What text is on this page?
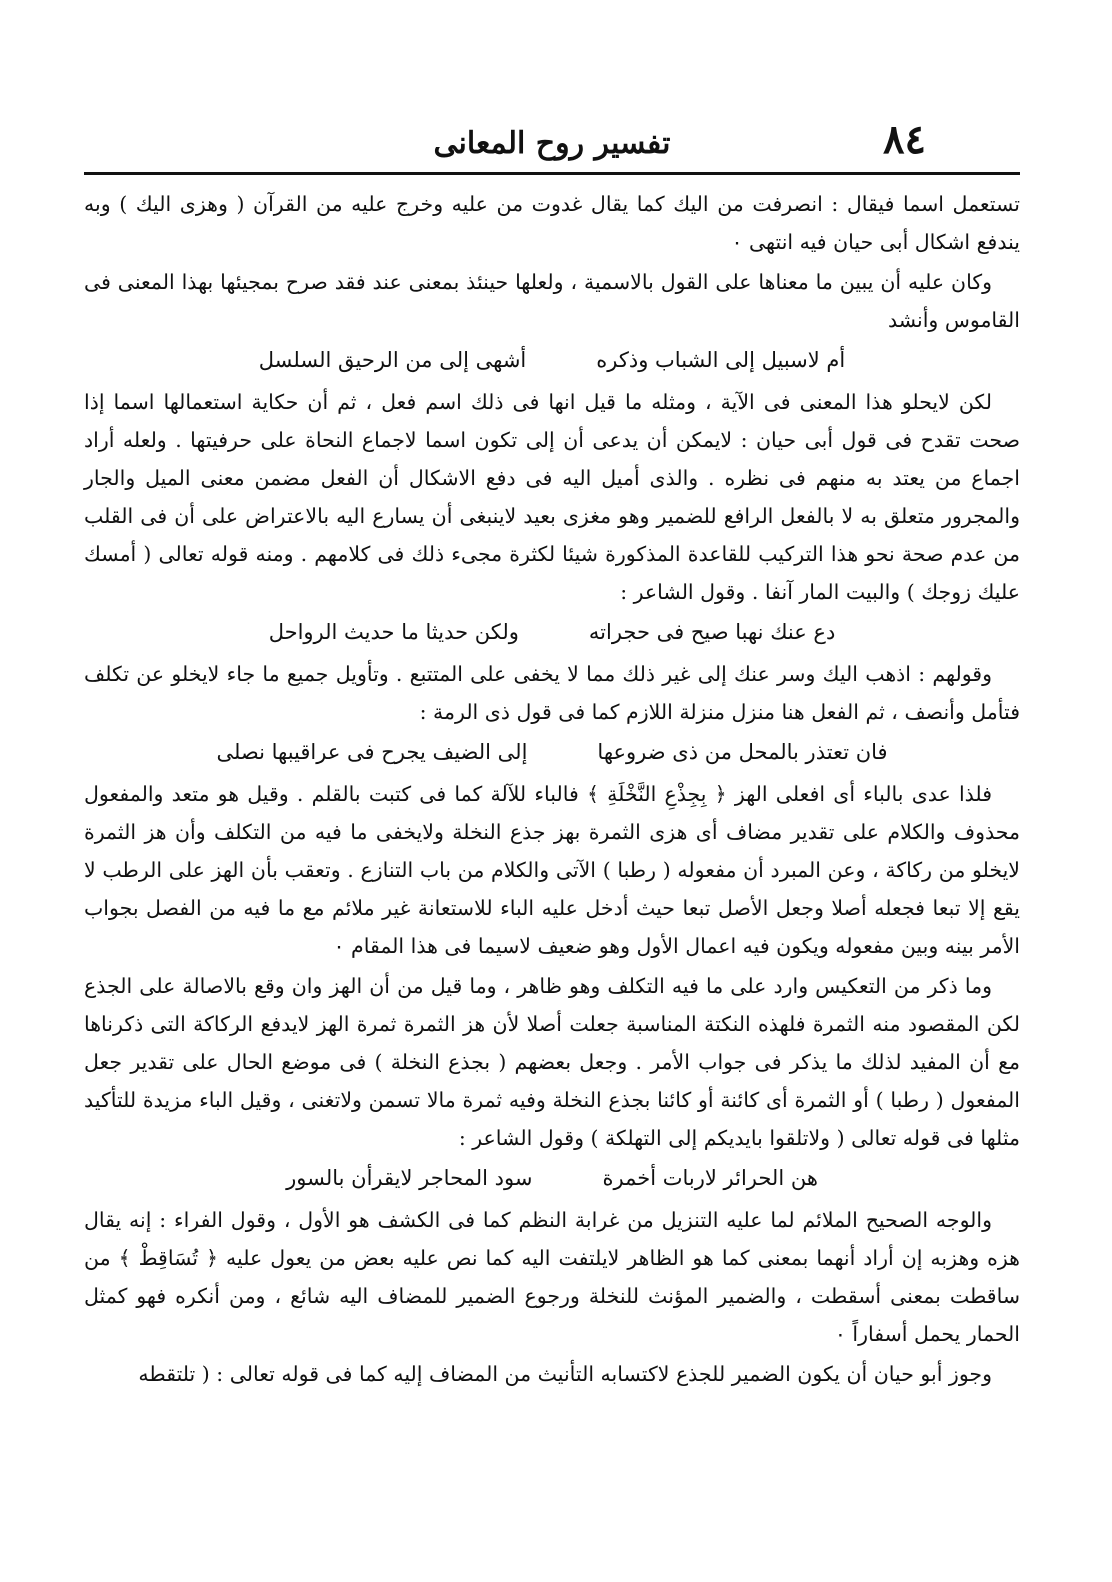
٨٤
تفسير روح المعانى

تستعمل اسما فيقال : انصرفت من اليك كما يقال غدوت من عليه وخرج عليه من القرآن ( وهزى اليك ) وبه يندفع اشكال أبى حيان فيه انتهى ٠

وكان عليه أن يبين ما معناها على القول بالاسمية ، ولعلها حينئذ بمعنى عند فقد صرح بمجيئها بهذا المعنى فى القاموس وأنشد

أم لاسبيل إلى الشباب وذكره
أشهى إلى من الرحيق السلسل

لكن لايحلو هذا المعنى فى الآية ، ومثله ما قيل انها فى ذلك اسم فعل ، ثم أن حكاية استعمالها اسما إذا صحت تقدح فى قول أبى حيان : لايمكن أن يدعى أن إلى تكون اسما لاجماع النحاة على حرفيتها . ولعله أراد اجماع من يعتد به منهم فى نظره . والذى أميل اليه فى دفع الاشكال أن الفعل مضمن معنى الميل والجار والمجرور متعلق به لا بالفعل الرافع للضمير وهو مغزى بعيد لاينبغى أن يسارع اليه بالاعتراض على أن فى القلب من عدم صحة نحو هذا التركيب للقاعدة المذكورة شيئا لكثرة مجىء ذلك فى كلامهم . ومنه قوله تعالى ( أمسك عليك زوجك ) والبيت المار آنفا . وقول الشاعر :

دع عنك نهبا صيح فى حجراته
ولكن حديثا ما حديث الرواحل

وقولهم : اذهب اليك وسر عنك إلى غير ذلك مما لا يخفى على المتتبع . وتأويل جميع ما جاء لايخلو عن تكلف فتأمل وأنصف ، ثم الفعل هنا منزل منزلة اللازم كما فى قول ذى الرمة :

فان تعتذر بالمحل من ذى ضروعها
إلى الضيف يجرح فى عراقيبها نصلى

فلذا عدى بالباء أى افعلى الهز ﴿ بِجِذْعِ النَّخْلَةِ ﴾ فالباء للآلة كما فى كتبت بالقلم . وقيل هو متعد والمفعول محذوف والكلام على تقدير مضاف أى هزى الثمرة بهز جذع النخلة ولايخفى ما فيه من التكلف وأن هز الثمرة لايخلو من ركاكة ، وعن المبرد أن مفعوله ( رطبا ) الآتى والكلام من باب التنازع . وتعقب بأن الهز على الرطب لا يقع إلا تبعا فجعله أصلا وجعل الأصل تبعا حيث أدخل عليه الباء للاستعانة غير ملائم مع ما فيه من الفصل بجواب الأمر بينه وبين مفعوله ويكون فيه اعمال الأول وهو ضعيف لاسيما فى هذا المقام ٠

وما ذكر من التعكيس وارد على ما فيه التكلف وهو ظاهر ، وما قيل من أن الهز وان وقع بالاصالة على الجذع لكن المقصود منه الثمرة فلهذه النكتة المناسبة جعلت أصلا لأن هز الثمرة ثمرة الهز لايدفع الركاكة التى ذكرناها مع أن المفيد لذلك ما يذكر فى جواب الأمر . وجعل بعضهم ( بجذع النخلة ) فى موضع الحال على تقدير جعل المفعول ( رطبا ) أو الثمرة أى كائنة أو كائنا بجذع النخلة وفيه ثمرة مالا تسمن ولاتغنى ، وقيل الباء مزيدة للتأكيد مثلها فى قوله تعالى ( ولاتلقوا بايديكم إلى التهلكة ) وقول الشاعر :

هن الحرائر لاربات أخمرة
سود المحاجر لايقرأن بالسور

والوجه الصحيح الملائم لما عليه التنزيل من غرابة النظم كما فى الكشف هو الأول ، وقول الفراء : إنه يقال هزه وهزبه إن أراد أنهما بمعنى كما هو الظاهر لايلتفت اليه كما نص عليه بعض من يعول عليه ﴿ تُسَاقِطْ ﴾ من ساقطت بمعنى أسقطت ، والضمير المؤنث للنخلة ورجوع الضمير للمضاف اليه شائع ، ومن أنكره فهو كمثل الحمار يحمل أسفاراً ٠

وجوز أبو حيان أن يكون الضمير للجذع لاكتسابه التأنيث من المضاف إليه كما فى قوله تعالى : ( تلتقطه
